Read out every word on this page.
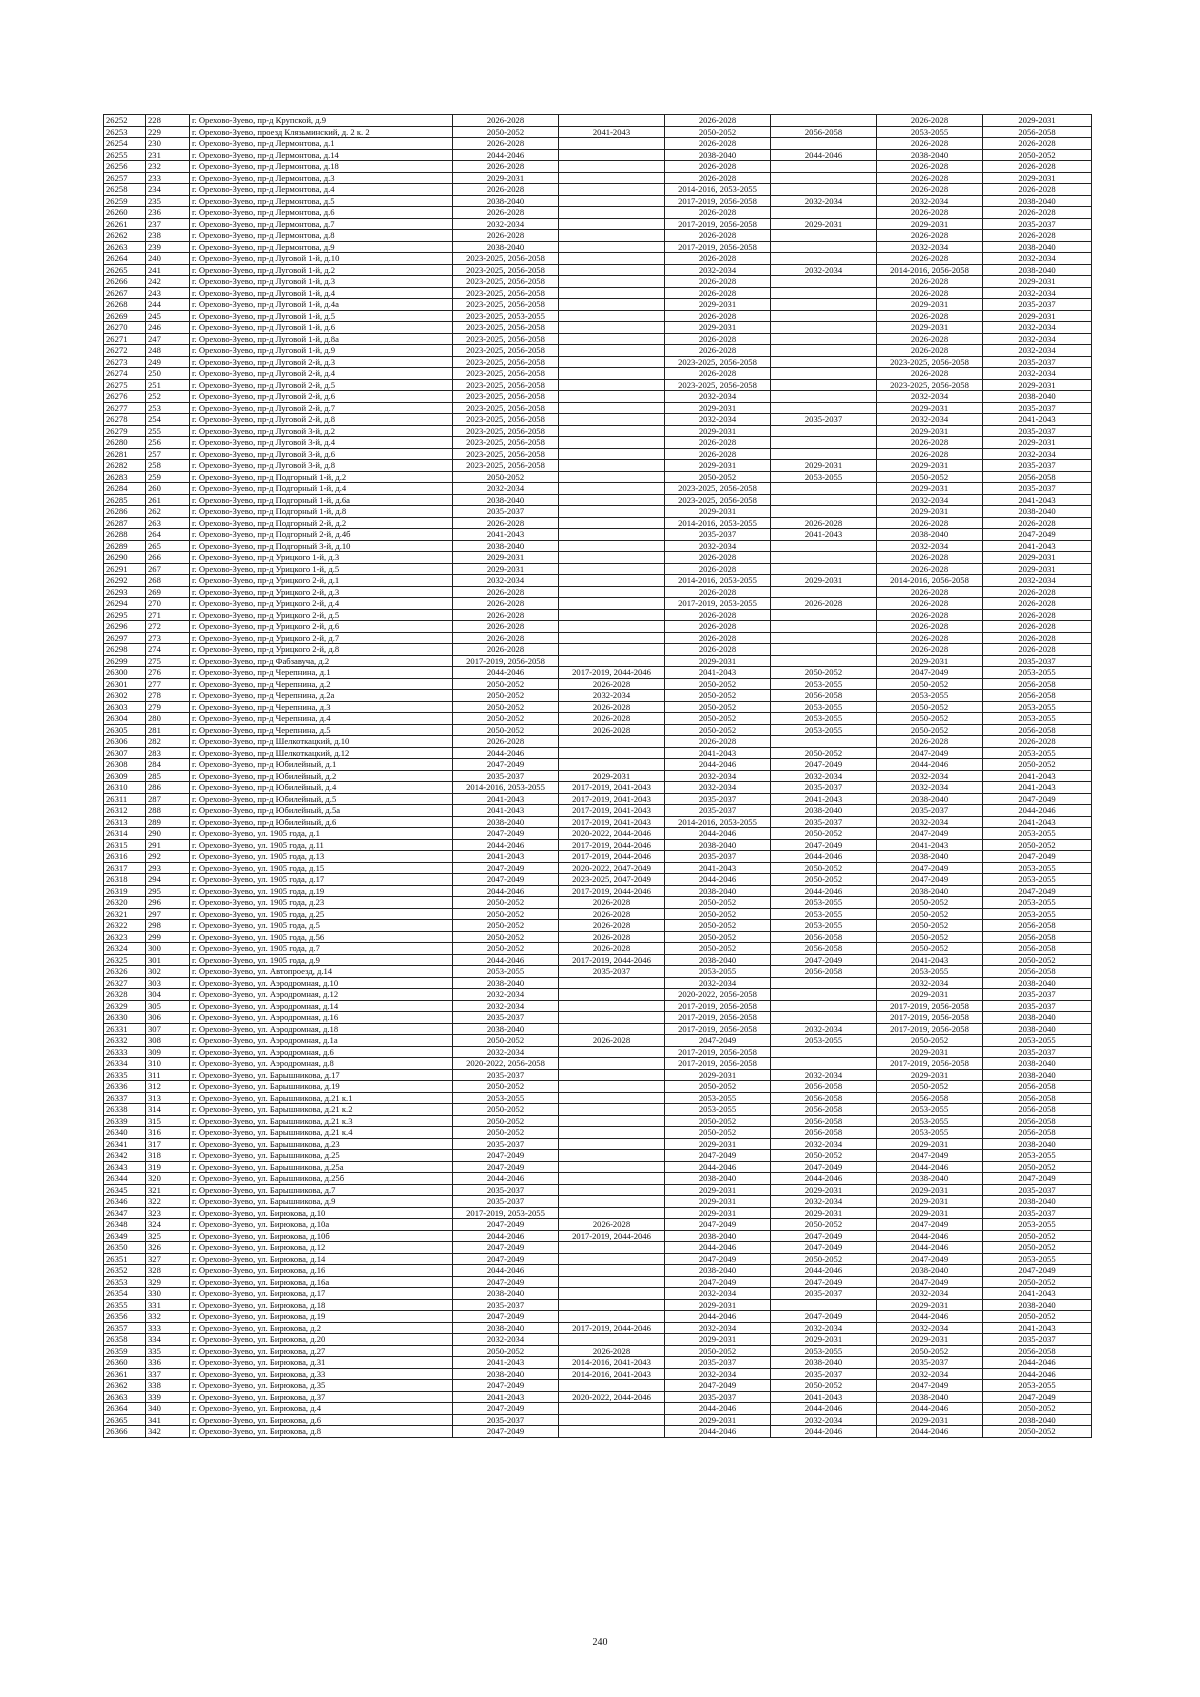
26252	228	г. Орехово-Зуево, пр-д Крупской, д.9	2026-2028		2026-2028		2026-2028	2029-2031
26253	229	г. Орехово-Зуево, проезд Клязьминский, д. 2 к. 2	2050-2052	2041-2043	2050-2052	2056-2058	2053-2055	2056-2058
26254	230	г. Орехово-Зуево, пр-д Лермонтова, д.1	2026-2028		2026-2028		2026-2028	2026-2028
26255	231	г. Орехово-Зуево, пр-д Лермонтова, д.14	2044-2046		2038-2040	2044-2046	2038-2040	2050-2052
26256	232	г. Орехово-Зуево, пр-д Лермонтова, д.18	2026-2028		2026-2028		2026-2028	2026-2028
26257	233	г. Орехово-Зуево, пр-д Лермонтова, д.3	2029-2031		2026-2028		2026-2028	2029-2031
26258	234	г. Орехово-Зуево, пр-д Лермонтова, д.4	2026-2028		2014-2016, 2053-2055		2026-2028	2026-2028
26259	235	г. Орехово-Зуево, пр-д Лермонтова, д.5	2038-2040		2017-2019, 2056-2058	2032-2034	2032-2034	2038-2040
26260	236	г. Орехово-Зуево, пр-д Лермонтова, д.6	2026-2028		2026-2028		2026-2028	2026-2028
26261	237	г. Орехово-Зуево, пр-д Лермонтова, д.7	2032-2034		2017-2019, 2056-2058	2029-2031	2029-2031	2035-2037
26262	238	г. Орехово-Зуево, пр-д Лермонтова, д.8	2026-2028		2026-2028		2026-2028	2026-2028
26263	239	г. Орехово-Зуево, пр-д Лермонтова, д.9	2038-2040		2017-2019, 2056-2058		2032-2034	2038-2040
26264	240	г. Орехово-Зуево, пр-д Луговой 1-й, д.10	2023-2025, 2056-2058		2026-2028		2026-2028	2032-2034
26265	241	г. Орехово-Зуево, пр-д Луговой 1-й, д.2	2023-2025, 2056-2058		2032-2034	2032-2034	2014-2016, 2056-2058	2038-2040
26266	242	г. Орехово-Зуево, пр-д Луговой 1-й, д.3	2023-2025, 2056-2058		2026-2028		2026-2028	2029-2031
26267	243	г. Орехово-Зуево, пр-д Луговой 1-й, д.4	2023-2025, 2056-2058		2026-2028		2026-2028	2032-2034
26268	244	г. Орехово-Зуево, пр-д Луговой 1-й, д.4а	2023-2025, 2056-2058		2029-2031		2029-2031	2035-2037
26269	245	г. Орехово-Зуево, пр-д Луговой 1-й, д.5	2023-2025, 2053-2055		2026-2028		2026-2028	2029-2031
26270	246	г. Орехово-Зуево, пр-д Луговой 1-й, д.6	2023-2025, 2056-2058		2029-2031		2029-2031	2032-2034
26271	247	г. Орехово-Зуево, пр-д Луговой 1-й, д.8а	2023-2025, 2056-2058		2026-2028		2026-2028	2032-2034
26272	248	г. Орехово-Зуево, пр-д Луговой 1-й, д.9	2023-2025, 2056-2058		2026-2028		2026-2028	2032-2034
26273	249	г. Орехово-Зуево, пр-д Луговой 2-й, д.3	2023-2025, 2056-2058		2023-2025, 2056-2058		2023-2025, 2056-2058	2035-2037
26274	250	г. Орехово-Зуево, пр-д Луговой 2-й, д.4	2023-2025, 2056-2058		2026-2028		2026-2028	2032-2034
26275	251	г. Орехово-Зуево, пр-д Луговой 2-й, д.5	2023-2025, 2056-2058		2023-2025, 2056-2058		2023-2025, 2056-2058	2029-2031
26276	252	г. Орехово-Зуево, пр-д Луговой 2-й, д.6	2023-2025, 2056-2058		2032-2034		2032-2034	2038-2040
26277	253	г. Орехово-Зуево, пр-д Луговой 2-й, д.7	2023-2025, 2056-2058		2029-2031		2029-2031	2035-2037
26278	254	г. Орехово-Зуево, пр-д Луговой 2-й, д.8	2023-2025, 2056-2058		2032-2034	2035-2037	2032-2034	2041-2043
26279	255	г. Орехово-Зуево, пр-д Луговой 3-й, д.2	2023-2025, 2056-2058		2029-2031		2029-2031	2035-2037
26280	256	г. Орехово-Зуево, пр-д Луговой 3-й, д.4	2023-2025, 2056-2058		2026-2028		2026-2028	2029-2031
26281	257	г. Орехово-Зуево, пр-д Луговой 3-й, д.6	2023-2025, 2056-2058		2026-2028		2026-2028	2032-2034
26282	258	г. Орехово-Зуево, пр-д Луговой 3-й, д.8	2023-2025, 2056-2058		2029-2031	2029-2031	2029-2031	2035-2037
26283	259	г. Орехово-Зуево, пр-д Подгорный 1-й, д.2	2050-2052		2050-2052	2053-2055	2050-2052	2056-2058
26284	260	г. Орехово-Зуево, пр-д Подгорный 1-й, д.4	2032-2034		2023-2025, 2056-2058		2029-2031	2035-2037
26285	261	г. Орехово-Зуево, пр-д Подгорный 1-й, д.6а	2038-2040		2023-2025, 2056-2058		2032-2034	2041-2043
26286	262	г. Орехово-Зуево, пр-д Подгорный 1-й, д.8	2035-2037		2029-2031		2029-2031	2038-2040
26287	263	г. Орехово-Зуево, пр-д Подгорный 2-й, д.2	2026-2028		2014-2016, 2053-2055	2026-2028	2026-2028	2026-2028
26288	264	г. Орехово-Зуево, пр-д Подгорный 2-й, д.4б	2041-2043		2035-2037	2041-2043	2038-2040	2047-2049
26289	265	г. Орехово-Зуево, пр-д Подгорный 3-й, д.10	2038-2040		2032-2034		2032-2034	2041-2043
26290	266	г. Орехово-Зуево, пр-д Урицкого 1-й, д.3	2029-2031		2026-2028		2026-2028	2029-2031
26291	267	г. Орехово-Зуево, пр-д Урицкого 1-й, д.5	2029-2031		2026-2028		2026-2028	2029-2031
26292	268	г. Орехово-Зуево, пр-д Урицкого 2-й, д.1	2032-2034		2014-2016, 2053-2055	2029-2031	2014-2016, 2056-2058	2032-2034
26293	269	г. Орехово-Зуево, пр-д Урицкого 2-й, д.3	2026-2028		2026-2028		2026-2028	2026-2028
26294	270	г. Орехово-Зуево, пр-д Урицкого 2-й, д.4	2026-2028		2017-2019, 2053-2055	2026-2028	2026-2028	2026-2028
26295	271	г. Орехово-Зуево, пр-д Урицкого 2-й, д.5	2026-2028		2026-2028		2026-2028	2026-2028
26296	272	г. Орехово-Зуево, пр-д Урицкого 2-й, д.6	2026-2028		2026-2028		2026-2028	2026-2028
26297	273	г. Орехово-Зуево, пр-д Урицкого 2-й, д.7	2026-2028		2026-2028		2026-2028	2026-2028
26298	274	г. Орехово-Зуево, пр-д Урицкого 2-й, д.8	2026-2028		2026-2028		2026-2028	2026-2028
26299	275	г. Орехово-Зуево, пр-д Фабзавуча, д.2	2017-2019, 2056-2058		2029-2031		2029-2031	2035-2037
26300	276	г. Орехово-Зуево, пр-д Черепнина, д.1	2044-2046	2017-2019, 2044-2046	2041-2043	2050-2052	2047-2049	2053-2055
26301	277	г. Орехово-Зуево, пр-д Черепнина, д.2	2050-2052	2026-2028	2050-2052	2053-2055	2050-2052	2056-2058
26302	278	г. Орехово-Зуево, пр-д Черепнина, д.2а	2050-2052	2032-2034	2050-2052	2056-2058	2053-2055	2056-2058
26303	279	г. Орехово-Зуево, пр-д Черепнина, д.3	2050-2052	2026-2028	2050-2052	2053-2055	2050-2052	2053-2055
26304	280	г. Орехово-Зуево, пр-д Черепнина, д.4	2050-2052	2026-2028	2050-2052	2053-2055	2050-2052	2053-2055
26305	281	г. Орехово-Зуево, пр-д Черепнина, д.5	2050-2052	2026-2028	2050-2052	2053-2055	2050-2052	2056-2058
26306	282	г. Орехово-Зуево, пр-д Шелкоткацкий, д.10	2026-2028		2026-2028		2026-2028	2026-2028
26307	283	г. Орехово-Зуево, пр-д Шелкоткацкий, д.12	2044-2046		2041-2043	2050-2052	2047-2049	2053-2055
26308	284	г. Орехово-Зуево, пр-д Юбилейный, д.1	2047-2049		2044-2046	2047-2049	2044-2046	2050-2052
26309	285	г. Орехово-Зуево, пр-д Юбилейный, д.2	2035-2037	2029-2031	2032-2034	2032-2034	2032-2034	2041-2043
26310	286	г. Орехово-Зуево, пр-д Юбилейный, д.4	2014-2016, 2053-2055	2017-2019, 2041-2043	2032-2034	2035-2037	2032-2034	2041-2043
26311	287	г. Орехово-Зуево, пр-д Юбилейный, д.5	2041-2043	2017-2019, 2041-2043	2035-2037	2041-2043	2038-2040	2047-2049
26312	288	г. Орехово-Зуево, пр-д Юбилейный, д.5а	2041-2043	2017-2019, 2041-2043	2035-2037	2038-2040	2035-2037	2044-2046
26313	289	г. Орехово-Зуево, пр-д Юбилейный, д.6	2038-2040	2017-2019, 2041-2043	2014-2016, 2053-2055	2035-2037	2032-2034	2041-2043
26314	290	г. Орехово-Зуево, ул. 1905 года, д.1	2047-2049	2020-2022, 2044-2046	2044-2046	2050-2052	2047-2049	2053-2055
26315	291	г. Орехово-Зуево, ул. 1905 года, д.11	2044-2046	2017-2019, 2044-2046	2038-2040	2047-2049	2041-2043	2050-2052
26316	292	г. Орехово-Зуево, ул. 1905 года, д.13	2041-2043	2017-2019, 2044-2046	2035-2037	2044-2046	2038-2040	2047-2049
26317	293	г. Орехово-Зуево, ул. 1905 года, д.15	2047-2049	2020-2022, 2047-2049	2041-2043	2050-2052	2047-2049	2053-2055
26318	294	г. Орехово-Зуево, ул. 1905 года, д.17	2047-2049	2023-2025, 2047-2049	2044-2046	2050-2052	2047-2049	2053-2055
26319	295	г. Орехово-Зуево, ул. 1905 года, д.19	2044-2046	2017-2019, 2044-2046	2038-2040	2044-2046	2038-2040	2047-2049
26320	296	г. Орехово-Зуево, ул. 1905 года, д.23	2050-2052	2026-2028	2050-2052	2053-2055	2050-2052	2053-2055
26321	297	г. Орехово-Зуево, ул. 1905 года, д.25	2050-2052	2026-2028	2050-2052	2053-2055	2050-2052	2053-2055
26322	298	г. Орехово-Зуево, ул. 1905 года, д.5	2050-2052	2026-2028	2050-2052	2053-2055	2050-2052	2056-2058
26323	299	г. Орехово-Зуево, ул. 1905 года, д.56	2050-2052	2026-2028	2050-2052	2056-2058	2050-2052	2056-2058
26324	300	г. Орехово-Зуево, ул. 1905 года, д.7	2050-2052	2026-2028	2050-2052	2056-2058	2050-2052	2056-2058
26325	301	г. Орехово-Зуево, ул. 1905 года, д.9	2044-2046	2017-2019, 2044-2046	2038-2040	2047-2049	2041-2043	2050-2052
26326	302	г. Орехово-Зуево, ул. Автопроезд, д.14	2053-2055	2035-2037	2053-2055	2056-2058	2053-2055	2056-2058
26327	303	г. Орехово-Зуево, ул. Аэродромная, д.10	2038-2040		2032-2034		2032-2034	2038-2040
26328	304	г. Орехово-Зуево, ул. Аэродромная, д.12	2032-2034		2020-2022, 2056-2058		2029-2031	2035-2037
26329	305	г. Орехово-Зуево, ул. Аэродромная, д.14	2032-2034		2017-2019, 2056-2058		2017-2019, 2056-2058	2035-2037
26330	306	г. Орехово-Зуево, ул. Аэродромная, д.16	2035-2037		2017-2019, 2056-2058		2017-2019, 2056-2058	2038-2040
26331	307	г. Орехово-Зуево, ул. Аэродромная, д.18	2038-2040		2017-2019, 2056-2058	2032-2034	2017-2019, 2056-2058	2038-2040
26332	308	г. Орехово-Зуево, ул. Аэродромная, д.1а	2050-2052	2026-2028	2047-2049	2053-2055	2050-2052	2053-2055
26333	309	г. Орехово-Зуево, ул. Аэродромная, д.6	2032-2034		2017-2019, 2056-2058		2029-2031	2035-2037
26334	310	г. Орехово-Зуево, ул. Аэродромная, д.8	2020-2022, 2056-2058		2017-2019, 2056-2058		2017-2019, 2056-2058	2038-2040
26335	311	г. Орехово-Зуево, ул. Барышникова, д.17	2035-2037		2029-2031	2032-2034	2029-2031	2038-2040
26336	312	г. Орехово-Зуево, ул. Барышникова, д.19	2050-2052		2050-2052	2056-2058	2050-2052	2056-2058
26337	313	г. Орехово-Зуево, ул. Барышникова, д.21 к.1	2053-2055		2053-2055	2056-2058	2056-2058	2056-2058
26338	314	г. Орехово-Зуево, ул. Барышникова, д.21 к.2	2050-2052		2053-2055	2056-2058	2053-2055	2056-2058
26339	315	г. Орехово-Зуево, ул. Барышникова, д.21 к.3	2050-2052		2050-2052	2056-2058	2053-2055	2056-2058
26340	316	г. Орехово-Зуево, ул. Барышникова, д.21 к.4	2050-2052		2050-2052	2056-2058	2053-2055	2056-2058
26341	317	г. Орехово-Зуево, ул. Барышникова, д.23	2035-2037		2029-2031	2032-2034	2029-2031	2038-2040
26342	318	г. Орехово-Зуево, ул. Барышникова, д.25	2047-2049		2047-2049	2050-2052	2047-2049	2053-2055
26343	319	г. Орехово-Зуево, ул. Барышникова, д.25а	2047-2049		2044-2046	2047-2049	2044-2046	2050-2052
26344	320	г. Орехово-Зуево, ул. Барышникова, д.25б	2044-2046		2038-2040	2044-2046	2038-2040	2047-2049
26345	321	г. Орехово-Зуево, ул. Барышникова, д.7	2035-2037		2029-2031	2029-2031	2029-2031	2035-2037
26346	322	г. Орехово-Зуево, ул. Барышникова, д.9	2035-2037		2029-2031	2032-2034	2029-2031	2038-2040
26347	323	г. Орехово-Зуево, ул. Бирюкова, д.10	2017-2019, 2053-2055		2029-2031	2029-2031	2029-2031	2035-2037
26348	324	г. Орехово-Зуево, ул. Бирюкова, д.10а	2047-2049	2026-2028	2047-2049	2050-2052	2047-2049	2053-2055
26349	325	г. Орехово-Зуево, ул. Бирюкова, д.10б	2044-2046	2017-2019, 2044-2046	2038-2040	2047-2049	2044-2046	2050-2052
26350	326	г. Орехово-Зуево, ул. Бирюкова, д.12	2047-2049		2044-2046	2047-2049	2044-2046	2050-2052
26351	327	г. Орехово-Зуево, ул. Бирюкова, д.14	2047-2049		2047-2049	2050-2052	2047-2049	2053-2055
26352	328	г. Орехово-Зуево, ул. Бирюкова, д.16	2044-2046		2038-2040	2044-2046	2038-2040	2047-2049
26353	329	г. Орехово-Зуево, ул. Бирюкова, д.16а	2047-2049		2047-2049	2047-2049	2047-2049	2050-2052
26354	330	г. Орехово-Зуево, ул. Бирюкова, д.17	2038-2040		2032-2034	2035-2037	2032-2034	2041-2043
26355	331	г. Орехово-Зуево, ул. Бирюкова, д.18	2035-2037		2029-2031		2029-2031	2038-2040
26356	332	г. Орехово-Зуево, ул. Бирюкова, д.19	2047-2049		2044-2046	2047-2049	2044-2046	2050-2052
26357	333	г. Орехово-Зуево, ул. Бирюкова, д.2	2038-2040	2017-2019, 2044-2046	2032-2034	2032-2034	2032-2034	2041-2043
26358	334	г. Орехово-Зуево, ул. Бирюкова, д.20	2032-2034		2029-2031	2029-2031	2029-2031	2035-2037
26359	335	г. Орехово-Зуево, ул. Бирюкова, д.27	2050-2052	2026-2028	2050-2052	2053-2055	2050-2052	2056-2058
26360	336	г. Орехово-Зуево, ул. Бирюкова, д.31	2041-2043	2014-2016, 2041-2043	2035-2037	2038-2040	2035-2037	2044-2046
26361	337	г. Орехово-Зуево, ул. Бирюкова, д.33	2038-2040	2014-2016, 2041-2043	2032-2034	2035-2037	2032-2034	2044-2046
26362	338	г. Орехово-Зуево, ул. Бирюкова, д.35	2047-2049		2047-2049	2050-2052	2047-2049	2053-2055
26363	339	г. Орехово-Зуево, ул. Бирюкова, д.37	2041-2043	2020-2022, 2044-2046	2035-2037	2041-2043	2038-2040	2047-2049
26364	340	г. Орехово-Зуево, ул. Бирюкова, д.4	2047-2049		2044-2046	2044-2046	2044-2046	2050-2052
26365	341	г. Орехово-Зуево, ул. Бирюкова, д.6	2035-2037		2029-2031	2032-2034	2029-2031	2038-2040
26366	342	г. Орехово-Зуево, ул. Бирюкова, д.8	2047-2049		2044-2046	2044-2046	2044-2046	2050-2052
240
